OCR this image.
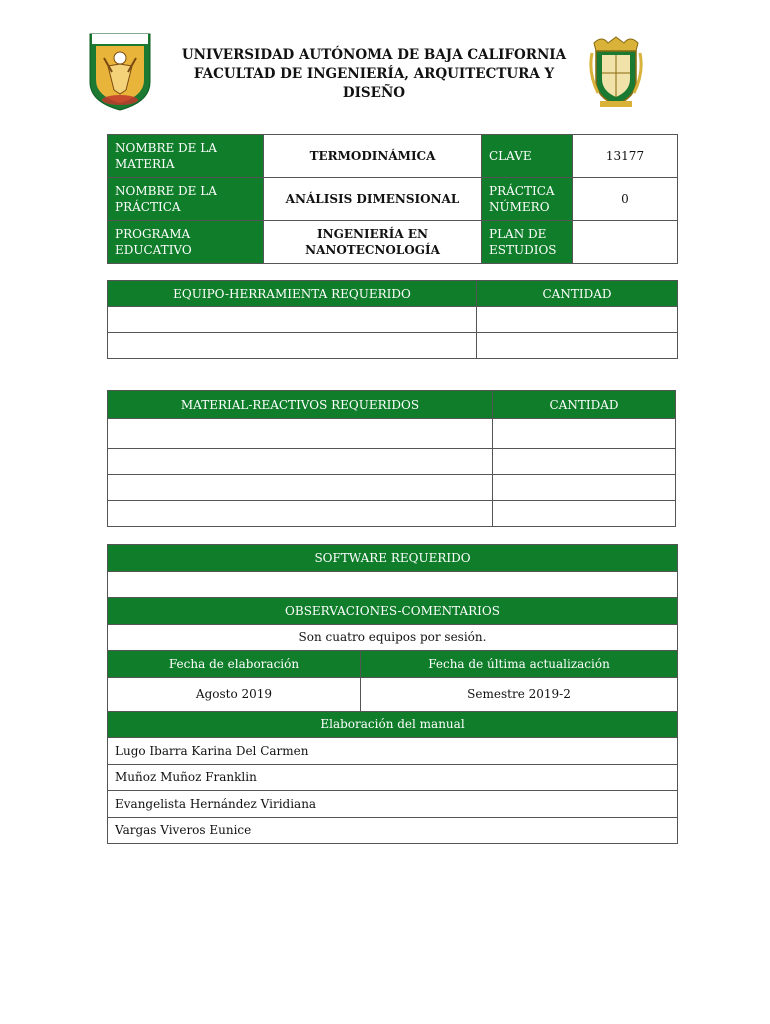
UNIVERSIDAD AUTÓNOMA DE BAJA CALIFORNIA
FACULTAD DE INGENIERÍA, ARQUITECTURA Y DISEÑO
NOMBRE DE LA MATERIA	TERMODINÁMICA	CLAVE	13177
NOMBRE DE LA PRÁCTICA	ANÁLISIS DIMENSIONAL	PRÁCTICA NÚMERO	0
PROGRAMA EDUCATIVO	INGENIERÍA EN NANOTECNOLOGÍA	PLAN DE ESTUDIOS	
EQUIPO-HERRAMIENTA REQUERIDO	CANTIDAD

MATERIAL-REACTIVOS REQUERIDOS	CANTIDAD

SOFTWARE REQUERIDO	

OBSERVACIONES-COMENTARIOS	
Son cuatro equipos por sesión.	
Fecha de elaboración	Fecha de última actualización
Agosto 2019	Semestre 2019-2
Elaboración del manual	
Lugo Ibarra Karina Del Carmen	
Muñoz Muñoz Franklin	
Evangelista Hernández Viridiana	
Vargas Viveros Eunice	
